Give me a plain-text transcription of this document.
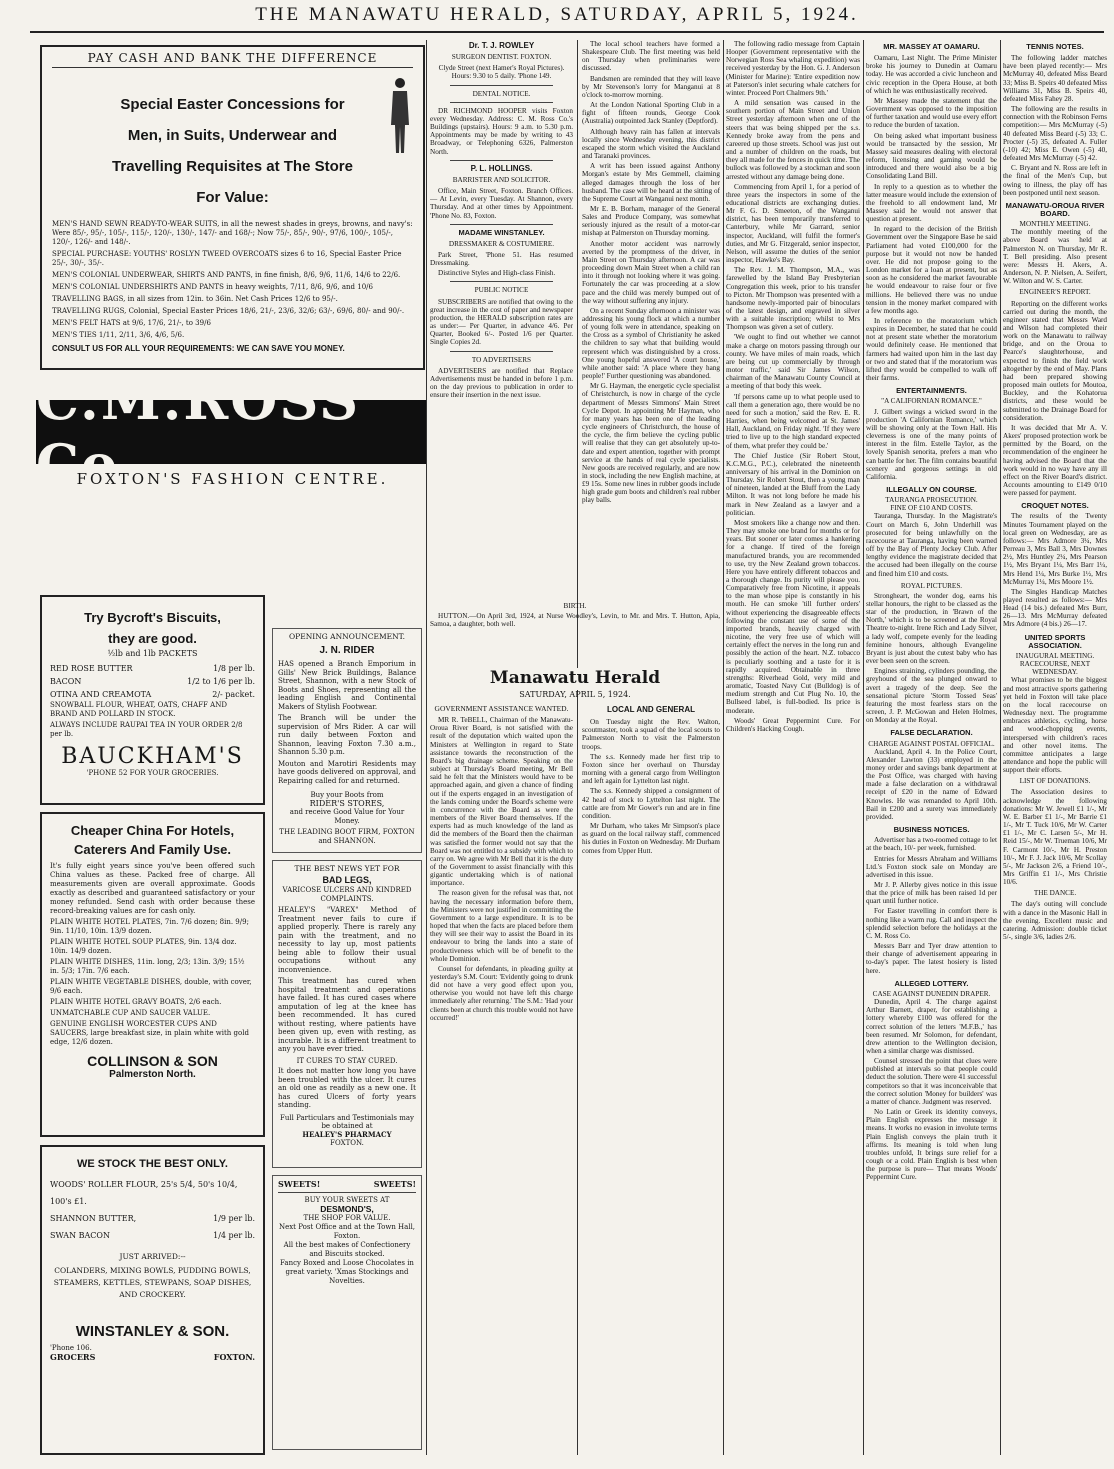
THE MANAWATU HERALD, SATURDAY, APRIL 5, 1924.
PAY CASH AND BANK THE DIFFERENCE
Special Easter Concessions for
Men, in Suits, Underwear and
Travelling Requisites at The Store
For Value:
MEN'S HAND SEWN READY-TO-WEAR SUITS, in all the newest shades in greys, browns, and navy's: Were 85/-, 95/-, 105/-, 115/-, 120/-, 130/-, 147/- and 168/-; Now 75/-, 85/-, 90/-, 97/6, 100/-, 105/-, 120/-, 126/- and 148/-.
SPECIAL PURCHASE: YOUTHS' ROSLYN TWEED OVERCOATS sizes 6 to 16, Special Easter Price 25/-, 30/-, 35/-.
MEN'S COLONIAL UNDERWEAR, SHIRTS AND PANTS, in fine finish, 8/6, 9/6, 11/6, 14/6 to 22/6.
MEN'S COLONIAL UNDERSHIRTS AND PANTS in heavy weights, 7/11, 8/6, 9/6, and 10/6
TRAVELLING BAGS, in all sizes from 12in. to 36in. Net Cash Prices 12/6 to 95/-.
TRAVELLING RUGS, Colonial, Special Easter Prices 18/6, 21/-, 23/6, 32/6; 63/-, 69/6, 80/- and 90/-.
MEN'S FELT HATS at 9/6, 17/6, 21/-, to 39/6
MEN'S TIES 1/11, 2/11, 3/6, 4/6, 5/6.
CONSULT US FOR ALL YOUR REQUIREMENTS: WE CAN SAVE YOU MONEY.
C.M.ROSS Co
FOXTON'S FASHION CENTRE.
Try Bycroft's Biscuits,
they are good.
½lb and 1lb PACKETS
RED ROSE BUTTER	1/8 per lb.
BACON	1/2 to 1/6 per lb.
OTINA AND CREAMOTA	2/- packet.
SNOWBALL FLOUR, WHEAT, OATS, CHAFF AND BRAND AND POLLARD IN STOCK.
ALWAYS INCLUDE RAUPAI TEA IN YOUR ORDER 2/8 per lb.
BAUCKHAM'S
'PHONE 52 FOR YOUR GROCERIES.
Cheaper China For Hotels,
Caterers And Family Use.
It's fully eight years since you've been offered such China values as these. Packed free of charge. All measurements given are overall approximate. Goods exactly as described and guaranteed satisfactory or your money refunded. Send cash with order because these record-breaking values are for cash only.
PLAIN WHITE HOTEL PLATES, 7in. 7/6 dozen; 8in. 9/9; 9in. 11/10, 10in. 13/9 dozen.
PLAIN WHITE HOTEL SOUP PLATES, 9in. 13/4 doz. 10in. 14/9 dozen.
PLAIN WHITE DISHES, 11in. long, 2/3; 13in. 3/9; 15½ in. 5/3; 17in. 7/6 each.
PLAIN WHITE VEGETABLE DISHES, double, with cover, 9/6 each.
PLAIN WHITE HOTEL GRAVY BOATS, 2/6 each.
UNMATCHABLE CUP AND SAUCER VALUE.
GENUINE ENGLISH WORCESTER CUPS AND SAUCERS, large breakfast size, in plain white with gold edge, 12/6 dozen.
COLLINSON & SON
Palmerston North.
WE STOCK THE BEST ONLY.
WOODS' ROLLER FLOUR, 25's 5/4, 50's 10/4, 100's £1.
SHANNON BUTTER,	1/9 per lb.
SWAN BACON	1/4 per lb.
JUST ARRIVED:--
COLANDERS, MIXING BOWLS, PUDDING BOWLS, STEAMERS, KETTLES, STEWPANS, SOAP DISHES, AND CROCKERY.
WINSTANLEY & SON.
'Phone 106.
GROCERS	FOXTON.
OPENING ANNOUNCEMENT.
J. N. RIDER
HAS opened a Branch Emporium in Gills' New Brick Buildings, Balance Street, Shannon, with a new Stock of Boots and Shoes, representing all the leading English and Continental Makers of Stylish Footwear.
The Branch will be under the supervision of Mrs Rider. A car will run daily between Foxton and Shannon, leaving Foxton 7.30 a.m., Shannon 5.30 p.m.
Mouton and Marotiri Residents may have goods delivered on approval, and Repairing called for and returned.
Buy your Boots from
RIDER'S STORES,
and receive Good Value for Your Money.
THE LEADING BOOT FIRM, FOXTON and SHANNON.
THE BEST NEWS YET FOR
BAD LEGS,
VARICOSE ULCERS AND KINDRED COMPLAINTS.
HEALEY'S "VAREX" Method of Treatment never fails to cure if applied properly. There is rarely any pain with the treatment, and no necessity to lay up, most patients being able to follow their usual occupations without any inconvenience.
This treatment has cured when hospital treatment and operations have failed. It has cured cases where amputation of leg at the knee has been recommended. It has cured without resting, where patients have been given up, even with resting, as incurable. It is a different treatment to any you have ever tried.
IT CURES TO STAY CURED.
It does not matter how long you have been troubled with the ulcer. It cures an old one as readily as a new one. It has cured Ulcers of forty years standing.
Full Particulars and Testimonials may be obtained at
HEALEY'S PHARMACY
FOXTON.
SWEETS!	SWEETS!
BUY YOUR SWEETS AT
DESMOND'S,
THE SHOP FOR VALUE.
Next Post Office and at the Town Hall, Foxton.
All the best makes of Confectionery and Biscuits stocked.
Fancy Boxed and Loose Chocolates in great variety. 'Xmas Stockings and Novelties.
Dr. T. J. ROWLEY
SURGEON DENTIST. FOXTON.
Clyde Street (next Hamer's Royal Pictures).
Hours: 9.30 to 5 daily. 'Phone 149.
DENTAL NOTICE.

DR RICHMOND HOOPER visits Foxton every Wednesday. Address: C. M. Ross Co.'s Buildings (upstairs). Hours: 9 a.m. to 5.30 p.m. Appointments may be made by writing to 43 Broadway, or Telephoning 6326, Palmerston North.

P. L. HOLLINGS.
BARRISTER AND SOLICITOR.

Office, Main Street, Foxton. Branch Offices.— At Levin, every Tuesday. At Shannon, every Thursday. And at other times by Appointment. 'Phone No. 83, Foxton.

MADAME WINSTANLEY.
DRESSMAKER & COSTUMIERE.

Park Street, 'Phone 51. Has resumed Dressmaking.

Distinctive Styles and High-class Finish.

PUBLIC NOTICE

SUBSCRIBERS are notified that owing to the great increase in the cost of paper and newspaper production, the HERALD subscription rates are as under:— Per Quarter, in advance 4/6. Per Quarter, Booked 6/-. Posted 1/6 per Quarter. Single Copies 2d.

TO ADVERTISERS

ADVERTISERS are notified that Replace Advertisements must be handed in before 1 p.m. on the day previous to publication in order to ensure their insertion in the next issue.

The local school teachers have formed a Shakespeare Club. The first meeting was held on Thursday when preliminaries were discussed.

Bandsmen are reminded that they will leave by Mr Stevenson's lorry for Manganui at 8 o'clock to-morrow morning.

At the London National Sporting Club in a fight of fifteen rounds, George Cook (Australia) outpointed Jack Stanley (Deptford).

Although heavy rain has fallen at intervals locally since Wednesday evening, this district escaped the storm which visited the Auckland and Taranaki provinces.

A writ has been issued against Anthony Morgan's estate by Mrs Gemmell, claiming alleged damages through the loss of her husband. The case will be heard at the sitting of the Supreme Court at Wanganui next month.

Mr E. B. Borham, manager of the General Sales and Produce Company, was somewhat seriously injured as the result of a motor-car mishap at Palmerston on Thursday morning.

Another motor accident was narrowly averted by the promptness of the driver, in Main Street on Thursday afternoon. A car was proceeding down Main Street when a child ran into it through not looking where it was going. Fortunately the car was proceeding at a slow pace and the child was merely bumped out of the way without suffering any injury.

On a recent Sunday afternoon a minister was addressing his young flock at which a number of young folk were in attendance, speaking on the Cross as a symbol of Christianity he asked the children to say what that building would represent which was distinguished by a cross. One young hopeful answered 'A court house,' while another said: 'A place where they hang people!' Further questioning was abandoned.

Mr G. Hayman, the energetic cycle specialist of Christchurch, is now in charge of the cycle department of Messrs Simmons' Main Street Cycle Depot. In appointing Mr Hayman, who for many years has been one of the leading cycle engineers of Christchurch, the house of the cycle, the firm believe the cycling public will realise that they can get absolutely up-to-date and expert attention, together with prompt service at the hands of real cycle specialists. New goods are received regularly, and are now in stock, including the new English machine, at £9 15s. Some new lines in rubber goods include high grade gum boots and children's real rubber play balls.

BIRTH.

HUTTON.—On April 3rd, 1924, at Nurse Woodley's, Levin, to Mr. and Mrs. T. Hutton, Apia, Samoa, a daughter, both well.

Manawatu Herald
SATURDAY, APRIL 5, 1924.
GOVERNMENT ASSISTANCE WANTED.

MR R. TeBELL, Chairman of the Manawatu-Oroua River Board, is not satisfied with the result of the deputation which waited upon the Ministers at Wellington in regard to State assistance towards the reconstruction of the Board's big drainage scheme. Speaking on the subject at Thursday's Board meeting, Mr Bell said he felt that the Ministers would have to be approached again, and given a chance of finding out if the experts engaged in an investigation of the lands coming under the Board's scheme were in concurrence with the Board as were the members of the River Board themselves. If the experts had as much knowledge of the land as did the members of the Board then the chairman was satisfied the former would not say that the Board was not entitled to a subsidy with which to carry on. We agree with Mr Bell that it is the duty of the Government to assist financially with this gigantic undertaking which is of national importance.

The reason given for the refusal was that, not having the necessary information before them, the Ministers were not justified in committing the Government to a large expenditure. It is to be hoped that when the facts are placed before them they will see their way to assist the Board in its endeavour to bring the lands into a state of productiveness which will be of benefit to the whole Dominion.

Counsel for defendants, in pleading guilty at yesterday's S.M. Court: 'Evidently going to drunk did not have a very good effect upon you, otherwise you would not have left this charge immediately after returning.' The S.M.: 'Had your clients been at church this trouble would not have occurred!'

LOCAL AND GENERAL

On Tuesday night the Rev. Walton, scoutmaster, took a squad of the local scouts to Palmerston North to visit the Palmerston troops.

The s.s. Kennedy made her first trip to Foxton since her overhaul on Thursday morning with a general cargo from Wellington and left again for Lyttelton last night.

The s.s. Kennedy shipped a consignment of 42 head of stock to Lyttelton last night. The cattle are from Mr Gower's run and are in fine condition.

Mr Durham, who takes Mr Simpson's place as guard on the local railway staff, commenced his duties in Foxton on Wednesday. Mr Durham comes from Upper Hutt.

The following radio message from Captain Hooper (Government representative with the Norwegian Ross Sea whaling expedition) was received yesterday by the Hon. G. J. Anderson (Minister for Marine): 'Entire expedition now at Paterson's inlet securing whale catchers for winter. Proceed Port Chalmers 9th.'

A mild sensation was caused in the southern portion of Main Street and Union Street yesterday afternoon when one of the steers that was being shipped per the s.s. Kennedy broke away from the pens and careered up those streets. School was just out and a number of children on the roads, but they all made for the fences in quick time. The bullock was followed by a stockman and soon arrested without any damage being done.

Commencing from April 1, for a period of three years the inspectors in some of the educational districts are exchanging duties. Mr F. G. D. Smeeton, of the Wanganui district, has been temporarily transferred to Canterbury, while Mr Garrard, senior inspector, Auckland, will fulfil the former's duties, and Mr G. Fitzgerald, senior inspector, Nelson, will assume the duties of the senior inspector, Hawke's Bay.

The Rev. J. M. Thompson, M.A., was farewelled by the Island Bay Presbyterian Congregation this week, prior to his transfer to Picton. Mr Thompson was presented with a handsome newly-imported pair of binoculars of the latest design, and engraved in silver with a suitable inscription; whilst to Mrs Thompson was given a set of cutlery.

'We ought to find out whether we cannot make a charge on motors passing through our county. We have miles of main roads, which are being cut up commercially by through motor traffic,' said Sir James Wilson, chairman of the Manawatu County Council at a meeting of that body this week.

'If persons came up to what people used to call them a generation ago, there would be no need for such a motion,' said the Rev. E. R. Harries, when being welcomed at St. James' Hall, Auckland, on Friday night. 'If they were tried to live up to the high standard expected of them, what prefer they could be.'

The Chief Justice (Sir Robert Stout, K.C.M.G., P.C.), celebrated the nineteenth anniversary of his arrival in the Dominion on Thursday. Sir Robert Stout, then a young man of nineteen, landed at the Bluff from the Lady Milton. It was not long before he made his mark in New Zealand as a lawyer and a politician.

Most smokers like a change now and then. They may smoke one brand for months or for years. But sooner or later comes a hankering for a change. If tired of the foreign manufactured brands, you are recommended to use, try the New Zealand grown tobaccos. Here you have entirely different tobaccos and a thorough change. Its purity will please you. Comparatively free from Nicotine, it appeals to the man whose pipe is constantly in his mouth. He can smoke 'till further orders' without experiencing the disagreeable effects following the constant use of some of the imported brands, heavily charged with nicotine, the very free use of which will certainly effect the nerves in the long run and possibly the action of the heart. N.Z. tobacco is peculiarly soothing and a taste for it is rapidly acquired. Obtainable in three strengths: Riverhead Gold, very mild and aromatic, Toasted Navy Cut (Bulldog) is of medium strength and Cut Plug No. 10, the Bullseed label, is full-bodied. Its price is moderate.

Woods' Great Peppermint Cure. For Children's Hacking Cough.

MR. MASSEY AT OAMARU.

Oamaru, Last Night. The Prime Minister broke his journey to Dunedin at Oamaru today. He was accorded a civic luncheon and civic reception in the Opera House, at both of which he was enthusiastically received.

Mr Massey made the statement that the Government was opposed to the imposition of further taxation and would use every effort to reduce the burden of taxation.

On being asked what important business would be transacted by the session, Mr Massey said measures dealing with electoral reform, licensing and gaming would be introduced and there would also be a big Consolidating Land Bill.

In reply to a question as to whether the latter measure would include the extension of the freehold to all endowment land, Mr Massey said he would not answer that question at present.

In regard to the decision of the British Government over the Singapore Base he said Parliament had voted £100,000 for the purpose but it would not now be handed over. He did not propose going to the London market for a loan at present, but as soon as he considered the market favourable he would endeavour to raise four or five millions. He believed there was no undue tension in the money market compared with a few months ago.

In reference to the moratorium which expires in December, he stated that he could not at present state whether the moratorium would definitely cease. He mentioned that farmers had waited upon him in the last day or two and stated that if the moratorium was lifted they would be compelled to walk off their farms.

ENTERTAINMENTS.
"A CALIFORNIAN ROMANCE."

J. Gilbert swings a wicked sword in the production 'A Californian Romance,' which will be showing only at the Town Hall. His cleverness is one of the many points of interest in the film. Estelle Taylor, as the lovely Spanish senorita, prefers a man who can battle for her. The film contains beautiful scenery and gorgeous settings in old California.

ILLEGALLY ON COURSE.
TAURANGA PROSECUTION.
FINE OF £10 AND COSTS.

Tauranga, Thursday. In the Magistrate's Court on March 6, John Underhill was prosecuted for being unlawfully on the racecourse at Tauranga, having been warned off by the Bay of Plenty Jockey Club. After lengthy evidence the magistrate decided that the accused had been illegally on the course and fined him £10 and costs.

ROYAL PICTURES.

Strongheart, the wonder dog, earns his stellar honours, the right to be classed as the star of the production, in 'Brawn of the North,' which is to be screened at the Royal Theatre to-night. Irene Rich and Lady Silver, a lady wolf, compete evenly for the leading feminine honours, although Evangeline Bryant is just about the cutest baby who has ever been seen on the screen.

Engines straining, cylinders pounding, the greyhound of the sea plunged onward to avert a tragedy of the deep. See the sensational picture 'Storm Tossed Seas' featuring the most fearless stars on the screen, J. P. McGowan and Helen Holmes, on Monday at the Royal.

FALSE DECLARATION.
CHARGE AGAINST POSTAL OFFICIAL.

Auckland, April 4. In the Police Court, Alexander Lawton (33) employed in the money order and savings bank department at the Post Office, was charged with having made a false declaration on a withdrawal receipt of £20 in the name of Edward Knowles. He was remanded to April 10th. Bail in £200 and a surety was immediately provided.

BUSINESS NOTICES.

Advertiser has a two-roomed cottage to let at the beach, 10/- per week, furnished.

Entries for Messrs Abraham and Williams Ltd.'s Foxton stock sale on Monday are advertised in this issue.

Mr J. P. Allerby gives notice in this issue that the price of milk has been raised 1d per quart until further notice.

For Easter travelling in comfort there is nothing like a warm rug. Call and inspect the splendid selection before the holidays at the C. M. Ross Co.

Messrs Barr and Tyer draw attention to their change of advertisement appearing in to-day's paper. The latest hosiery is listed here.

ALLEGED LOTTERY.
CASE AGAINST DUNEDIN DRAPER.

Dunedin, April 4. The charge against Arthur Barnett, draper, for establishing a lottery whereby £100 was offered for the correct solution of the letters 'M.F.B.,' has been resumed. Mr Solomon, for defendant, drew attention to the Wellington decision, when a similar charge was dismissed.

Counsel stressed the point that clues were published at intervals so that people could deduct the solution. There were 41 successful competitors so that it was inconceivable that the correct solution 'Money for builders' was a matter of chance. Judgment was reserved.

No Latin or Greek its identity conveys, Plain English expresses the message it means. It works no evasion in involute terms Plain English conveys the plain truth it affirms. Its meaning is told when lung troubles unfold, It brings sure relief for a cough or a cold. Plain English is best when the purpose is pure— That means Woods' Peppermint Cure.

TENNIS NOTES.

The following ladder matches have been played recently:— Mrs McMurray 40, defeated Miss Beard 33; Miss B. Speirs 40 defeated Miss Williams 31, Miss B. Speirs 40, defeated Miss Fahey 28.

The following are the results in connection with the Robinson Ferns competition:— Mrs McMurray (-5) 40 defeated Miss Beard (-5) 33; C. Procter (-5) 35, defeated A. Fuller (-10) 42; Miss E. Owen (-5) 40, defeated Mrs McMurray (-5) 42.

C. Bryant and N. Ross are left in the final of the Men's Cup, but owing to illness, the play off has been postponed until next season.

MANAWATU-OROUA RIVER BOARD.
MONTHLY MEETING.

The monthly meeting of the above Board was held at Palmerston N. on Thursday, Mr R. T. Bell presiding. Also present were: Messrs H. Akers, A. Anderson, N. P. Nielsen, A. Seifert, W. Wilton and W. S. Carter.

ENGINEER'S REPORT.

Reporting on the different works carried out during the month, the engineer stated that Messrs Ward and Wilson had completed their work on the Manawatu to railway bridge, and on the Oroua to Pearce's slaughterhouse, and expected to finish the field work altogether by the end of May. Plans had been prepared showing proposed main outlets for Moutoa, Buckley, and the Kohatorua districts, and these would be submitted to the Drainage Board for consideration.

It was decided that Mr A. V. Akers' proposed protection work be permitted by the Board, on the recommendation of the engineer he having advised the Board that the work would in no way have any ill effect on the River Board's district. Accounts amounting to £149 0/10 were passed for payment.

CROQUET NOTES.

The results of the Twenty Minutes Tournament played on the local green on Wednesday, are as follows:— Mrs Admore 3¼, Mrs Perreau 3, Mrs Ball 3, Mrs Downes 2½, Mrs Huntley 2¼, Mrs Pearson 1½, Mrs Bryant 1¼, Mrs Barr 1¼, Mrs Hend 1¼, Mrs Burke 1½, Mrs McMurray 1¼, Mrs Moore 1½.

The Singles Handicap Matches played resulted as follows:— Mrs Head (14 bis.) defeated Mrs Burr, 26—13. Mrs McMurray defeated Mrs Admore (4 bis.) 26—17.

UNITED SPORTS ASSOCIATION.
INAUGURAL MEETING.
RACECOURSE, NEXT WEDNESDAY.

What promises to be the biggest and most attractive sports gathering yet held in Foxton will take place on the local racecourse on Wednesday next. The programme embraces athletics, cycling, horse and wood-chopping events, interspersed with children's races and other novel items. The committee anticipates a large attendance and hope the public will support their efforts.

LIST OF DONATIONS.

The Association desires to acknowledge the following donations: Mr W. Jewell £1 1/-, Mr W. E. Barber £1 1/-, Mr Barrie £1 1/-, Mr T. Tuck 10/6, Mr W. Carter £1 1/-, Mr C. Larsen 5/-, Mr H. Reid 15/-, Mr W. Trueman 10/6, Mr F. Carmont 10/-, Mr H. Preston 10/-, Mr F. J. Jack 10/6, Mr Scollay 5/-, Mr Jackson 2/6, a Friend 10/-, Mrs Griffin £1 1/-, Mrs Christie 10/6.

THE DANCE.

The day's outing will conclude with a dance in the Masonic Hall in the evening. Excellent music and catering. Admission: double ticket 5/-, single 3/6, ladies 2/6.
